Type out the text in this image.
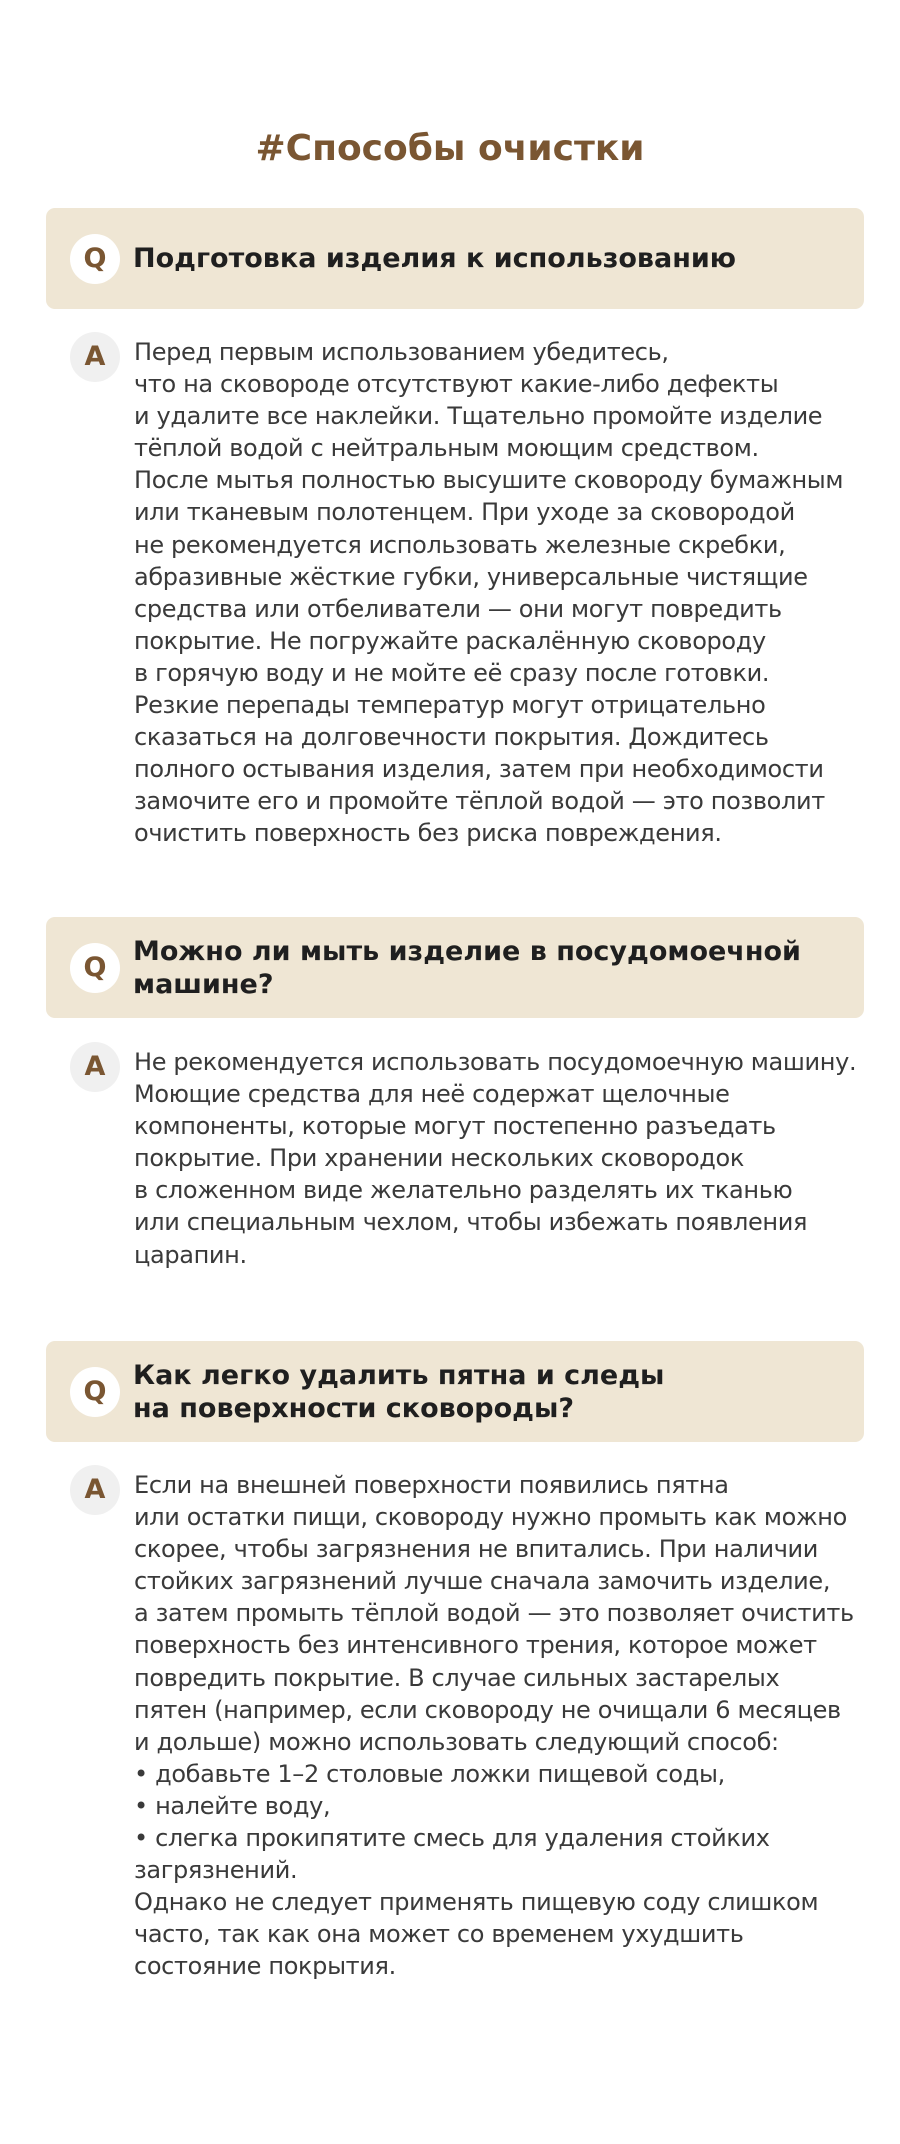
#Способы очистки
Q Подготовка изделия к использованию
A	Перед первым использованием убедитесь,
что на сковороде отсутствуют какие-либо дефекты
и удалите все наклейки. Тщательно промойте изделие
тёплой водой с нейтральным моющим средством.
После мытья полностью высушите сковороду бумажным
или тканевым полотенцем. При уходе за сковородой
не рекомендуется использовать железные скребки,
абразивные жёсткие губки, универсальные чистящие
средства или отбеливатели — они могут повредить
покрытие. Не погружайте раскалённую сковороду
в горячую воду и не мойте её сразу после готовки.
Резкие перепады температур могут отрицательно
сказаться на долговечности покрытия. Дождитесь
полного остывания изделия, затем при необходимости
замочите его и промойте тёплой водой — это позволит
очистить поверхность без риска повреждения.
Q
Можно ли мыть изделие в посудомоечной
машине?
A	Не рекомендуется использовать посудомоечную машину.
Моющие средства для неё содержат щелочные
компоненты, которые могут постепенно разъедать
покрытие. При хранении нескольких сковородок
в сложенном виде желательно разделять их тканью
или специальным чехлом, чтобы избежать появления
царапин.
Q
Как легко удалить пятна и следы
на поверхности сковороды?
A	Если на внешней поверхности появились пятна
или остатки пищи, сковороду нужно промыть как можно
скорее, чтобы загрязнения не впитались. При наличии
стойких загрязнений лучше сначала замочить изделие,
а затем промыть тёплой водой — это позволяет очистить
поверхность без интенсивного трения, которое может
повредить покрытие. В случае сильных застарелых
пятен (например, если сковороду не очищали 6 месяцев
и дольше) можно использовать следующий способ:
• добавьте 1–2 столовые ложки пищевой соды,
• налейте воду,
• слегка прокипятите смесь для удаления стойких
загрязнений.
Однако не следует применять пищевую соду слишком
часто, так как она может со временем ухудшить
состояние покрытия.
